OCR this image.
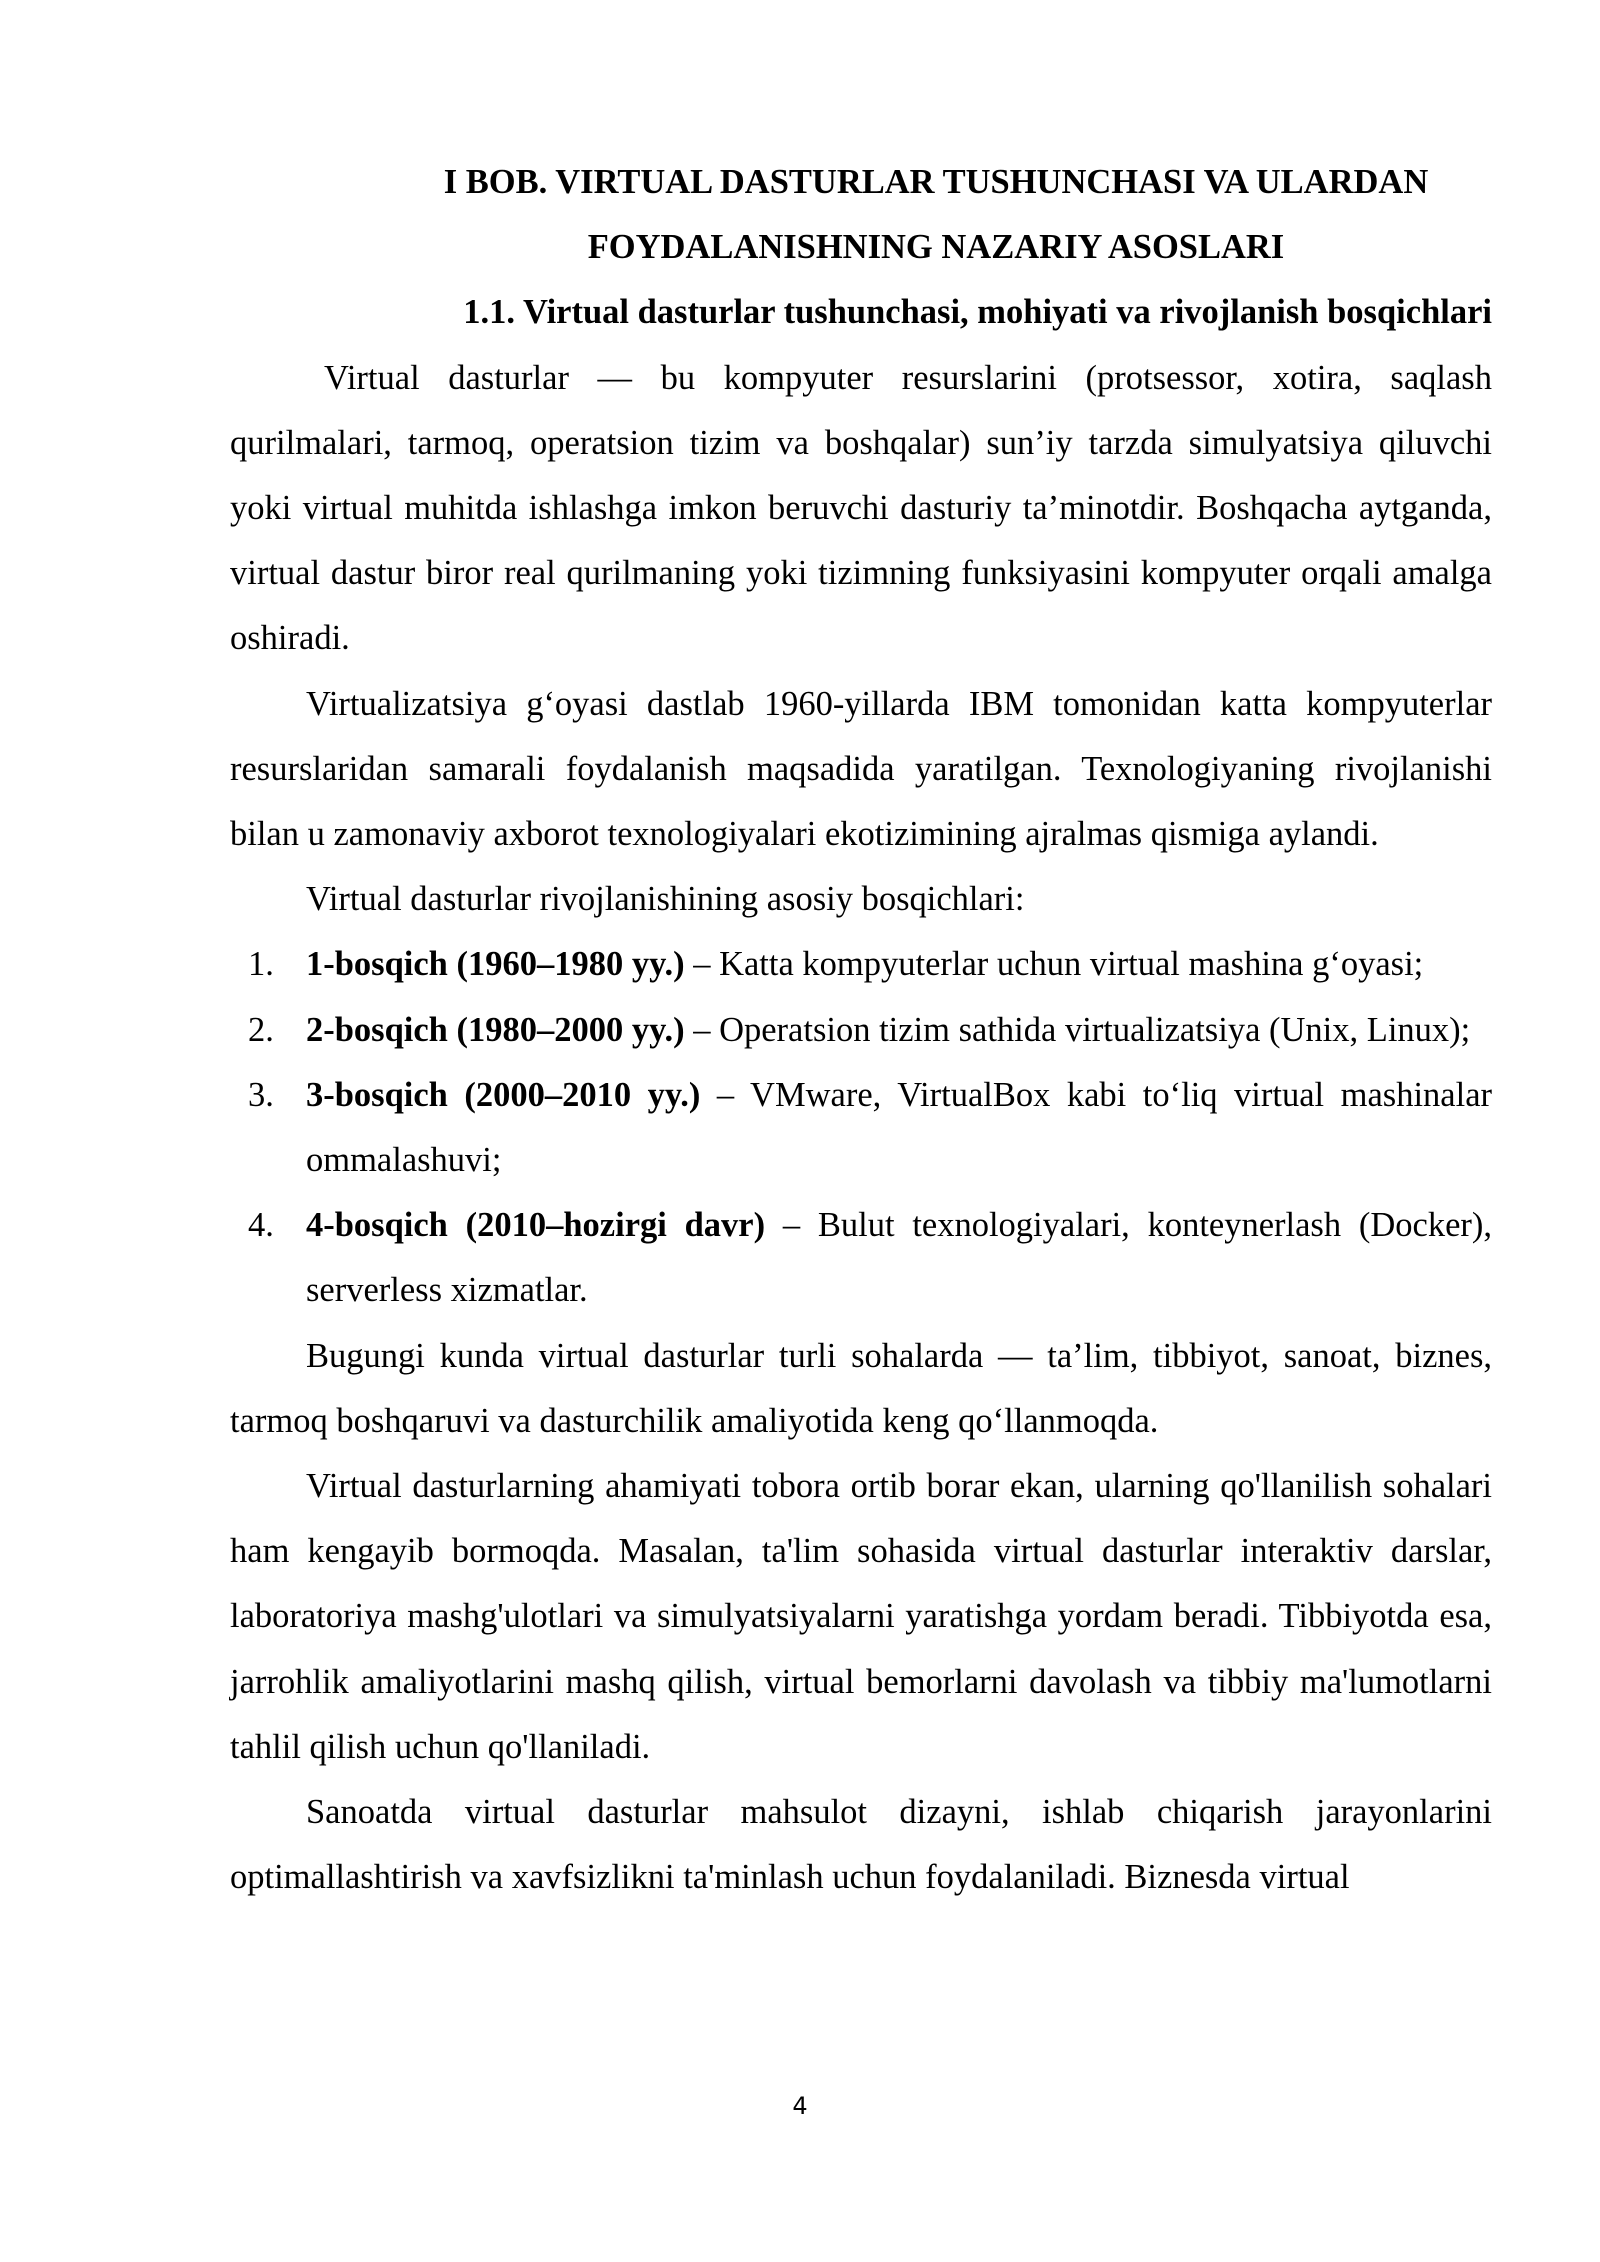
I BOB. VIRTUAL DASTURLAR TUSHUNCHASI VA ULARDAN
FOYDALANISHNING NAZARIY ASOSLARI
1.1. Virtual dasturlar tushunchasi, mohiyati va rivojlanish bosqichlari

Virtual dasturlar — bu kompyuter resurslarini (protsessor, xotira, saqlash qurilmalari, tarmoq, operatsion tizim va boshqalar) sun’iy tarzda simulyatsiya qiluvchi yoki virtual muhitda ishlashga imkon beruvchi dasturiy ta’minotdir. Boshqacha aytganda, virtual dastur biror real qurilmaning yoki tizimning funksiyasini kompyuter orqali amalga oshiradi.

Virtualizatsiya g‘oyasi dastlab 1960-yillarda IBM tomonidan katta kompyuterlar resurslaridan samarali foydalanish maqsadida yaratilgan. Texnologiyaning rivojlanishi bilan u zamonaviy axborot texnologiyalari ekotizimining ajralmas qismiga aylandi.

Virtual dasturlar rivojlanishining asosiy bosqichlari:

1. 1-bosqich (1960–1980 yy.) – Katta kompyuterlar uchun virtual mashina g‘oyasi;
2. 2-bosqich (1980–2000 yy.) – Operatsion tizim sathida virtualizatsiya (Unix, Linux);
3. 3-bosqich (2000–2010 yy.) – VMware, VirtualBox kabi to‘liq virtual mashinalar ommalashuvi;
4. 4-bosqich (2010–hozirgi davr) – Bulut texnologiyalari, konteynerlash (Docker), serverless xizmatlar.

Bugungi kunda virtual dasturlar turli sohalarda — ta’lim, tibbiyot, sanoat, biznes, tarmoq boshqaruvi va dasturchilik amaliyotida keng qo‘llanmoqda.

Virtual dasturlarning ahamiyati tobora ortib borar ekan, ularning qo'llanilish sohalari ham kengayib bormoqda. Masalan, ta'lim sohasida virtual dasturlar interaktiv darslar, laboratoriya mashg'ulotlari va simulyatsiyalarni yaratishga yordam beradi. Tibbiyotda esa, jarrohlik amaliyotlarini mashq qilish, virtual bemorlarni davolash va tibbiy ma'lumotlarni tahlil qilish uchun qo'llaniladi.

Sanoatda virtual dasturlar mahsulot dizayni, ishlab chiqarish jarayonlarini optimallashtirish va xavfsizlikni ta'minlash uchun foydalaniladi. Biznesda virtual

4
